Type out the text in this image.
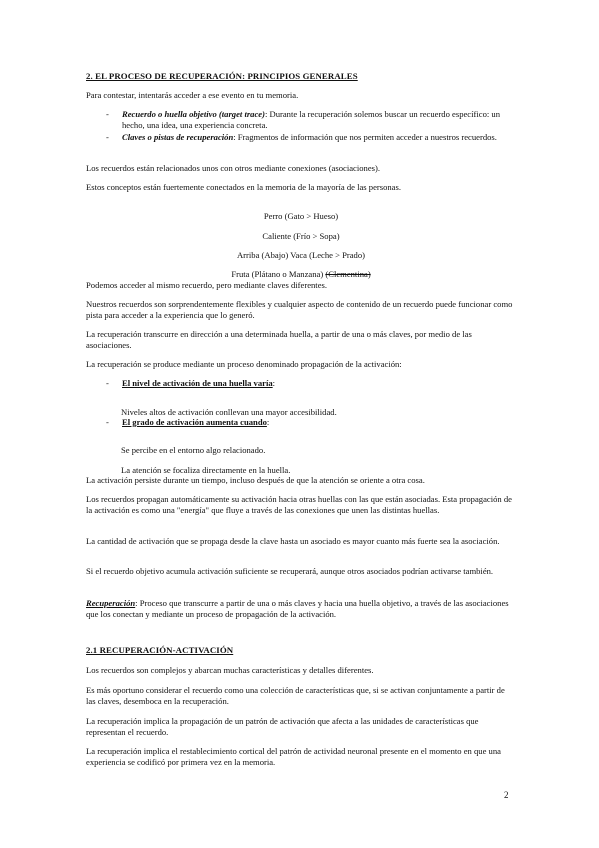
2. EL PROCESO DE RECUPERACIÓN: PRINCIPIOS GENERALES

Para contestar, intentarás acceder a ese evento en tu memoria.

- Recuerdo o huella objetivo (target trace): Durante la recuperación solemos buscar un recuerdo específico: un hecho, una idea, una experiencia concreta.
- Claves o pistas de recuperación: Fragmentos de información que nos permiten acceder a nuestros recuerdos.

Los recuerdos están relacionados unos con otros mediante conexiones (asociaciones).

Estos conceptos están fuertemente conectados en la memoria de la mayoría de las personas.

Perro (Gato > Hueso)

Caliente (Frío > Sopa)

Arriba (Abajo) Vaca (Leche > Prado)

Fruta (Plátano o Manzana) (Clementina)

Podemos acceder al mismo recuerdo, pero mediante claves diferentes.

Nuestros recuerdos son sorprendentemente flexibles y cualquier aspecto de contenido de un recuerdo puede funcionar como pista para acceder a la experiencia que lo generó.

La recuperación transcurre en dirección a una determinada huella, a partir de una o más claves, por medio de las asociaciones.

La recuperación se produce mediante un proceso denominado propagación de la activación:

- El nivel de activación de una huella varía:

Niveles altos de activación conllevan una mayor accesibilidad.

- El grado de activación aumenta cuando:

Se percibe en el entorno algo relacionado.

La atención se focaliza directamente en la huella.

La activación persiste durante un tiempo, incluso después de que la atención se oriente a otra cosa.

Los recuerdos propagan automáticamente su activación hacia otras huellas con las que están asociadas. Esta propagación de la activación es como una "energía" que fluye a través de las conexiones que unen las distintas huellas.

La cantidad de activación que se propaga desde la clave hasta un asociado es mayor cuanto más fuerte sea la asociación.

Si el recuerdo objetivo acumula activación suficiente se recuperará, aunque otros asociados podrían activarse también.

Recuperación: Proceso que transcurre a partir de una o más claves y hacia una huella objetivo, a través de las asociaciones que los conectan y mediante un proceso de propagación de la activación.

2.1 RECUPERACIÓN-ACTIVACIÓN

Los recuerdos son complejos y abarcan muchas características y detalles diferentes.

Es más oportuno considerar el recuerdo como una colección de características que, si se activan conjuntamente a partir de las claves, desemboca en la recuperación.

La recuperación implica la propagación de un patrón de activación que afecta a las unidades de características que representan el recuerdo.

La recuperación implica el restablecimiento cortical del patrón de actividad neuronal presente en el momento en que una experiencia se codificó por primera vez en la memoria.

2
